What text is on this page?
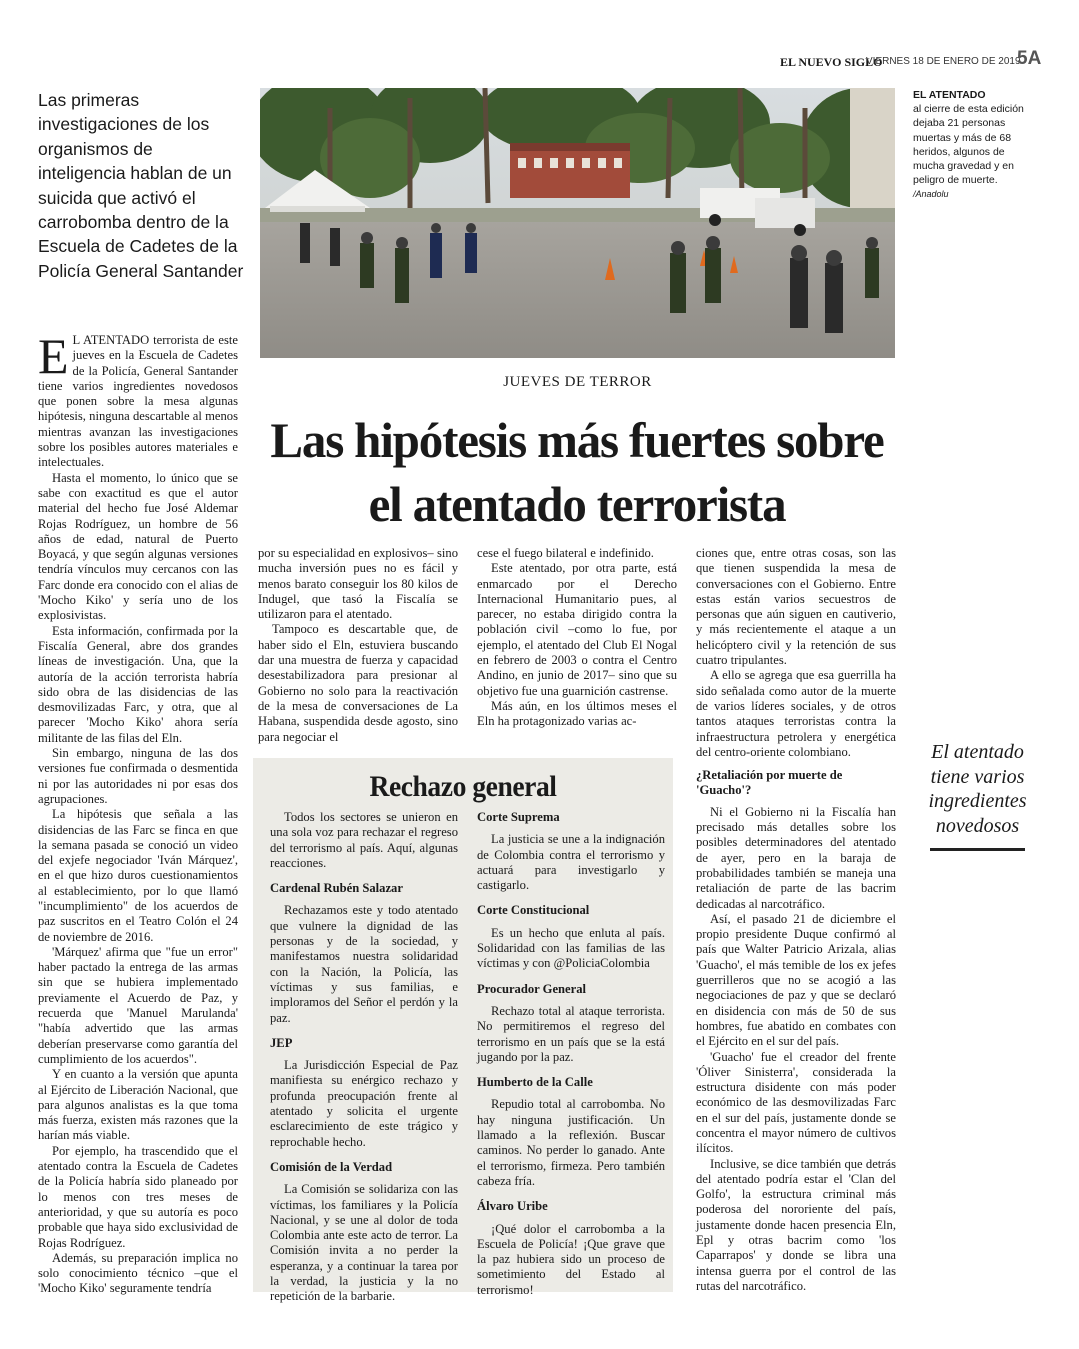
EL NUEVO SIGLO
VIERNES 18 DE ENERO DE 2019
5A
Las primeras investigaciones de los organismos de inteligencia hablan de un suicida que activó el carrobomba dentro de la Escuela de Cadetes de la Policía General Santander
EL ATENTADO
al cierre de esta edición dejaba 21 personas muertas y más de 68 heridos, algunos de mucha gravedad y en peligro de muerte.
/Anadolu
JUEVES DE TERROR
Las hipótesis más fuertes sobre el atentado terrorista
E L ATENTADO terrorista de este jueves en la Escuela de Cadetes de la Policía, General Santander tiene varios ingredientes novedosos que ponen sobre la mesa algunas hipótesis, ninguna descartable al menos mientras avanzan las investigaciones sobre los posibles autores materiales e intelectuales.

Hasta el momento, lo único que se sabe con exactitud es que el autor material del hecho fue José Aldemar Rojas Rodríguez, un hombre de 56 años de edad, natural de Puerto Boyacá, y que según algunas versiones tendría vínculos muy cercanos con las Farc donde era conocido con el alias de 'Mocho Kiko' y sería uno de los explosivistas.

Esta información, confirmada por la Fiscalía General, abre dos grandes líneas de investigación. Una, que la autoría de la acción terrorista habría sido obra de las disidencias de las desmovilizadas Farc, y otra, que al parecer 'Mocho Kiko' ahora sería militante de las filas del Eln.

Sin embargo, ninguna de las dos versiones fue confirmada o desmentida ni por las autoridades ni por esas dos agrupaciones.

La hipótesis que señala a las disidencias de las Farc se finca en que la semana pasada se conoció un video del exjefe negociador 'Iván Márquez', en el que hizo duros cuestionamientos al establecimiento, por lo que llamó "incumplimiento" de los acuerdos de paz suscritos en el Teatro Colón el 24 de noviembre de 2016.

'Márquez' afirma que "fue un error" haber pactado la entrega de las armas sin que se hubiera implementado previamente el Acuerdo de Paz, y recuerda que 'Manuel Marulanda' "había advertido que las armas deberían preservarse como garantía del cumplimiento de los acuerdos".

Y en cuanto a la versión que apunta al Ejército de Liberación Nacional, que para algunos analistas es la que toma más fuerza, existen más razones que la harían más viable.

Por ejemplo, ha trascendido que el atentado contra la Escuela de Cadetes de la Policía habría sido planeado por lo menos con tres meses de anterioridad, y que su autoría es poco probable que haya sido exclusividad de Rojas Rodríguez.

Además, su preparación implica no solo conocimiento técnico –que el 'Mocho Kiko' seguramente tendría

por su especialidad en explosivos– sino mucha inversión pues no es fácil y menos barato conseguir los 80 kilos de Indugel, que tasó la Fiscalía se utilizaron para el atentado.

Tampoco es descartable que, de haber sido el Eln, estuviera buscando dar una muestra de fuerza y capacidad desestabilizadora para presionar al Gobierno no solo para la reactivación de la mesa de conversaciones de La Habana, suspendida desde agosto, sino para negociar el

cese el fuego bilateral e indefinido.

Este atentado, por otra parte, está enmarcado por el Derecho Internacional Humanitario pues, al parecer, no estaba dirigido contra la población civil –como lo fue, por ejemplo, el atentado del Club El Nogal en febrero de 2003 o contra el Centro Andino, en junio de 2017– sino que su objetivo fue una guarnición castrense.

Más aún, en los últimos meses el Eln ha protagonizado varias ac-

ciones que, entre otras cosas, son las que tienen suspendida la mesa de conversaciones con el Gobierno. Entre estas están varios secuestros de personas que aún siguen en cautiverio, y más recientemente el ataque a un helicóptero civil y la retención de sus cuatro tripulantes.

A ello se agrega que esa guerrilla ha sido señalada como autor de la muerte de varios líderes sociales, y de otros tantos ataques terroristas contra la infraestructura petrolera y energética del centro-oriente colombiano.

¿Retaliación por muerte de 'Guacho'?

Ni el Gobierno ni la Fiscalía han precisado más detalles sobre los posibles determinadores del atentado de ayer, pero en la baraja de probabilidades también se maneja una retaliación de parte de las bacrim dedicadas al narcotráfico.

Así, el pasado 21 de diciembre el propio presidente Duque confirmó al país que Walter Patricio Arizala, alias 'Guacho', el más temible de los ex jefes guerrilleros que no se acogió a las negociaciones de paz y que se declaró en disidencia con más de 50 de sus hombres, fue abatido en combates con el Ejército en el sur del país.

'Guacho' fue el creador del frente 'Óliver Sinisterra', considerada la estructura disidente con más poder económico de las desmovilizadas Farc en el sur del país, justamente donde se concentra el mayor número de cultivos ilícitos.

Inclusive, se dice también que detrás del atentado podría estar el 'Clan del Golfo', la estructura criminal más poderosa del nororiente del país, justamente donde hacen presencia Eln, Epl y otras bacrim como 'los Caparrapos' y donde se libra una intensa guerra por el control de las rutas del narcotráfico.

Rechazo general

Todos los sectores se unieron en una sola voz para rechazar el regreso del terrorismo al país. Aquí, algunas reacciones.

Cardenal Rubén Salazar

Rechazamos este y todo atentado que vulnere la dignidad de las personas y de la sociedad, y manifestamos nuestra solidaridad con la Nación, la Policía, las víctimas y sus familias, e imploramos del Señor el perdón y la paz.

JEP

La Jurisdicción Especial de Paz manifiesta su enérgico rechazo y profunda preocupación frente al atentado y solicita el urgente esclarecimiento de este trágico y reprochable hecho.

Comisión de la Verdad

La Comisión se solidariza con las víctimas, los familiares y la Policía Nacional, y se une al dolor de toda Colombia ante este acto de terror. La Comisión invita a no perder la esperanza, y a continuar la tarea por la verdad, la justicia y la no repetición de la barbarie.

Corte Suprema

La justicia se une a la indignación de Colombia contra el terrorismo y actuará para investigarlo y castigarlo.

Corte Constitucional

Es un hecho que enluta al país. Solidaridad con las familias de las víctimas y con @PoliciaColombia

Procurador General

Rechazo total al ataque terrorista. No permitiremos el regreso del terrorismo en un país que se la está jugando por la paz.

Humberto de la Calle

Repudio total al carrobomba. No hay ninguna justificación. Un llamado a la reflexión. Buscar caminos. No perder lo ganado. Ante el terrorismo, firmeza. Pero también cabeza fría.

Álvaro Uribe

¡Qué dolor el carrobomba a la Escuela de Policía! ¡Que grave que la paz hubiera sido un proceso de sometimiento del Estado al terrorismo!

El atentado tiene varios ingredientes novedosos
